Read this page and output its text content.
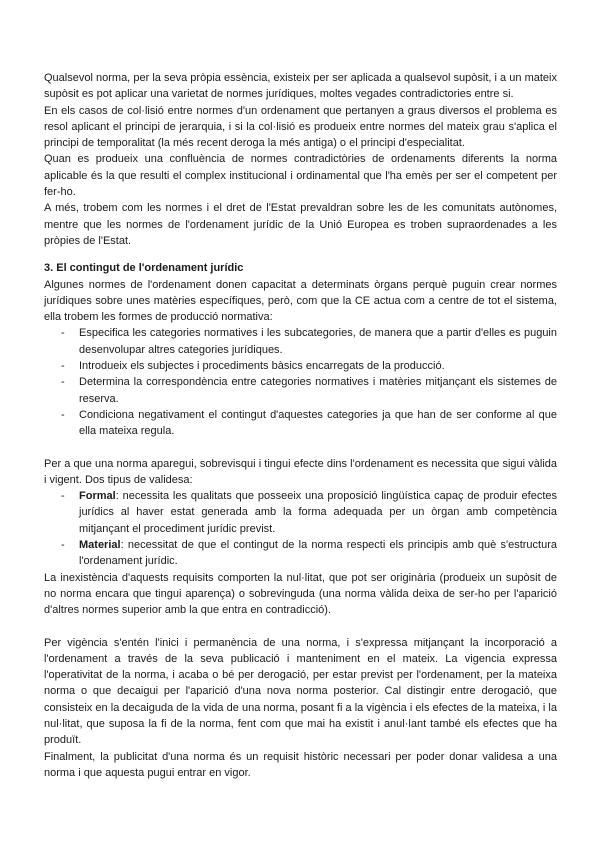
Qualsevol norma, per la seva pròpia essència, existeix per ser aplicada a qualsevol supòsit, i a un mateix supòsit es pot aplicar una varietat de normes jurídiques, moltes vegades contradictories entre si.

En els casos de col·lisió entre normes d'un ordenament que pertanyen a graus diversos el problema es resol aplicant el principi de jerarquia, i si la col·lisió es produeix entre normes del mateix grau s'aplica el principi de temporalitat (la més recent deroga la més antiga) o el principi d'especialitat.

Quan es produeix una confluència de normes contradictòries de ordenaments diferents la norma aplicable és la que resulti el complex institucional i ordinamental que l'ha emès per ser el competent per fer-ho.

A més, trobem com les normes i el dret de l'Estat prevaldran sobre les de les comunitats autònomes, mentre que les normes de l'ordenament jurídic de la Unió Europea es troben supraordenades a les pròpies de l'Estat.

3. El contingut de l'ordenament jurídic

Algunes normes de l'ordenament donen capacitat a determinats òrgans perquè puguin crear normes jurídiques sobre unes matèries específiques, però, com que la CE actua com a centre de tot el sistema, ella trobem les formes de producció normativa:

- Especifica les categories normatives i les subcategories, de manera que a partir d'elles es puguin desenvolupar altres categories jurídiques.
- Introdueix els subjectes i procediments bàsics encarregats de la producció.
- Determina la correspondència entre categories normatives i matèries mitjançant els sistemes de reserva.
- Condiciona negativament el contingut d'aquestes categories ja que han de ser conforme al que ella mateixa regula.

Per a que una norma aparegui, sobrevisqui i tingui efecte dins l'ordenament es necessita que sigui vàlida i vigent. Dos tipus de validesa:

- Formal: necessita les qualitats que posseeix una proposició lingüística capaç de produir efectes jurídics al haver estat generada amb la forma adequada per un òrgan amb competència mitjançant el procediment jurídic previst.
- Material: necessitat de que el contingut de la norma respecti els principis amb què s'estructura l'ordenament jurídic.

La inexistència d'aquests requisits comporten la nul·litat, que pot ser originària (produeix un supòsit de no norma encara que tingui aparença) o sobrevinguda (una norma vàlida deixa de ser-ho per l'aparició d'altres normes superior amb la que entra en contradicció).

Per vigència s'entén l'inici i permanència de una norma, i s'expressa mitjançant la incorporació a l'ordenament a través de la seva publicació i manteniment en el mateix. La vigencia expressa l'operativitat de la norma, i acaba o bé per derogació, per estar previst per l'ordenament, per la mateixa norma o que decaigui per l'aparició d'una nova norma posterior. Cal distingir entre derogació, que consisteix en la decaiguda de la vida de una norma, posant fi a la vigència i els efectes de la mateixa, i la nul·litat, que suposa la fi de la norma, fent com que mai ha existit i anul·lant també els efectes que ha produït.

Finalment, la publicitat d'una norma és un requisit històric necessari per poder donar validesa a una norma i que aquesta pugui entrar en vigor.
